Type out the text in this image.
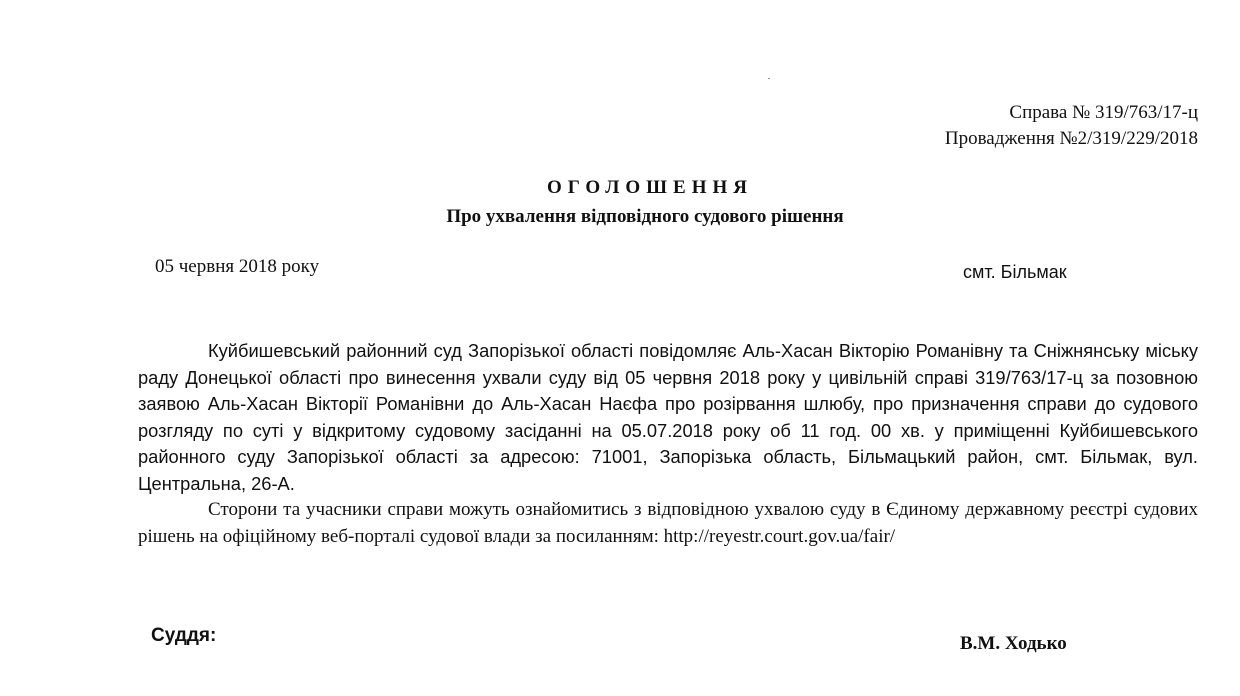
Справа № 319/763/17-ц
Провадження №2/319/229/2018
ОГОЛОШЕННЯ
Про ухвалення відповідного судового рішення
05 червня 2018 року	смт. Більмак

Куйбишевський районний суд Запорізької області повідомляє Аль-Хасан Вікторію Романівну та Сніжнянську міську раду Донецької області про винесення ухвали суду від 05 червня 2018 року у цивільній справі 319/763/17-ц за позовною заявою Аль-Хасан Вікторії Романівни до Аль-Хасан Наєфа про розірвання шлюбу, про призначення справи до судового розгляду по суті у відкритому судовому засіданні на 05.07.2018 року об 11 год. 00 хв. у приміщенні Куйбишевського районного суду Запорізької області за адресою: 71001, Запорізька область, Більмацький район, смт. Більмак, вул. Центральна, 26-А.

Сторони та учасники справи можуть ознайомитись з відповідною ухвалою суду в Єдиному державному реєстрі судових рішень на офіційному веб-порталі судової влади за посиланням: http://reyestr.court.gov.ua/fair/

Суддя:	В.М. Ходько
